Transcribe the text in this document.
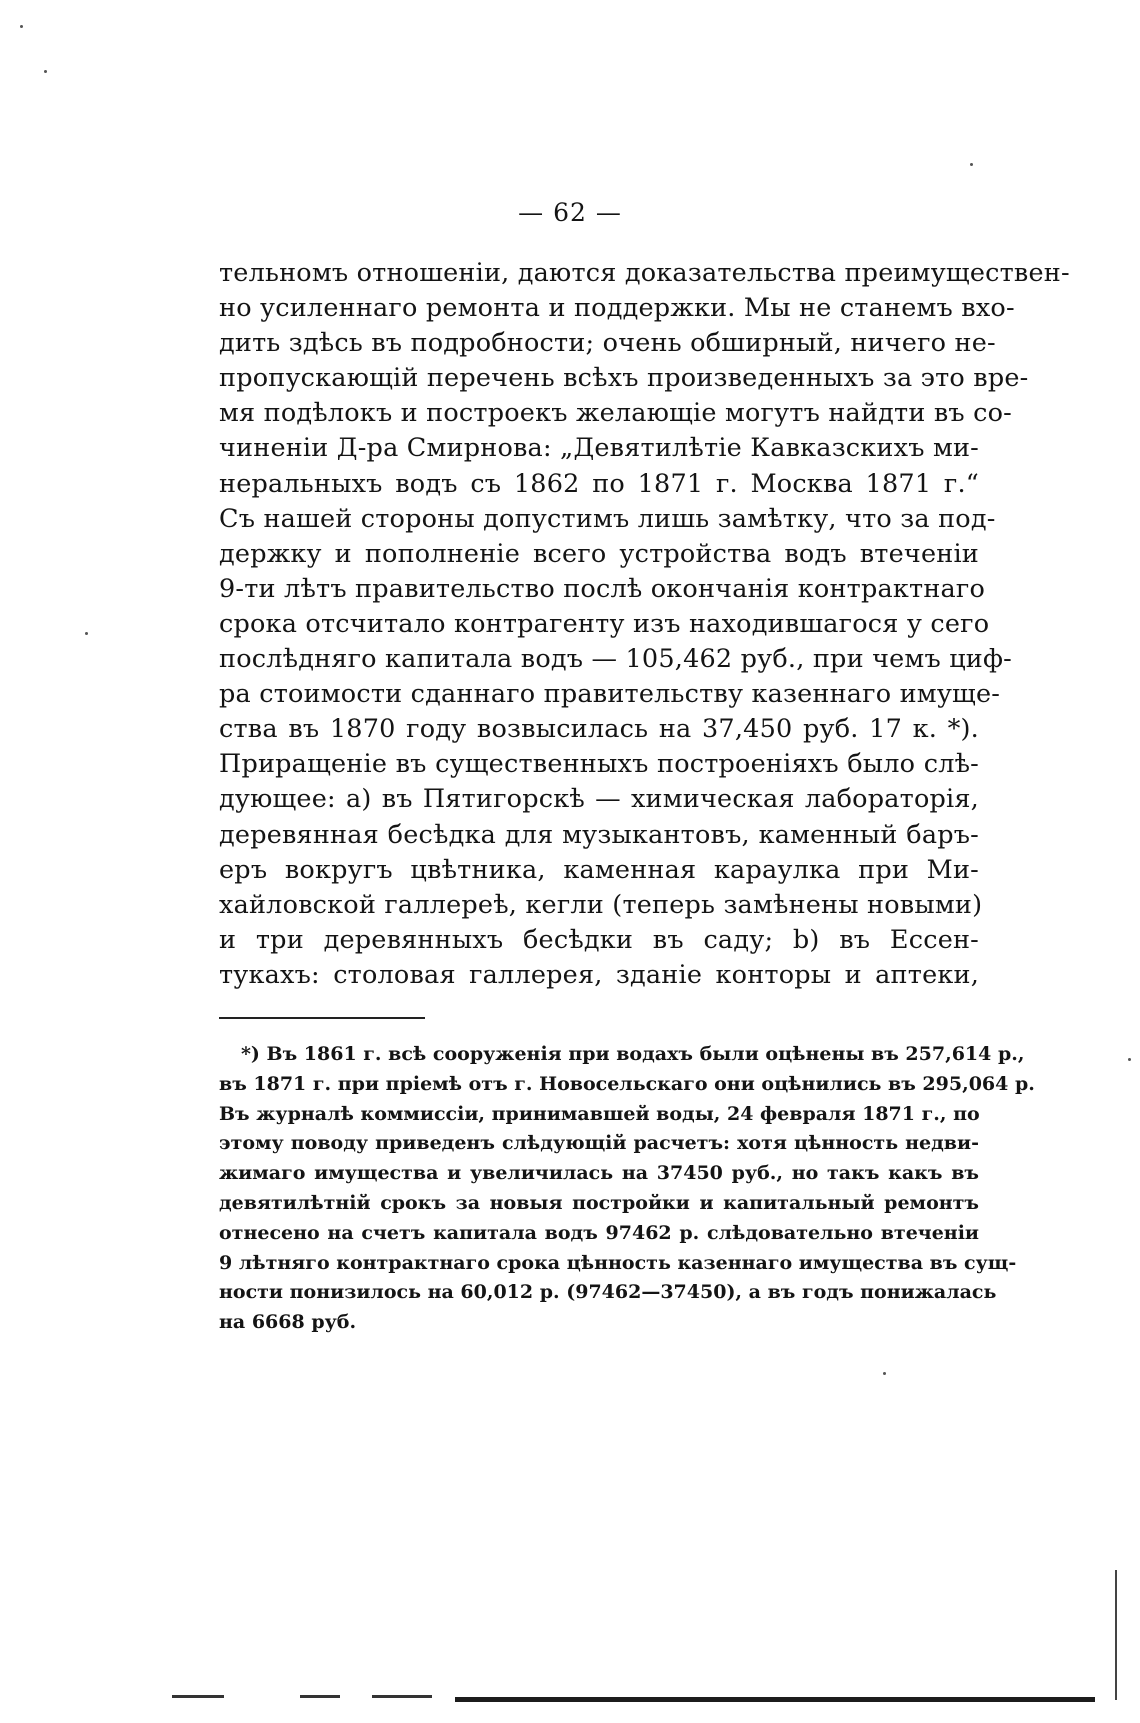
— 62 —
тельномъ отношеніи, даются доказательства преимуществен-
но усиленнаго ремонта и поддержки. Мы не станемъ вхо-
дить здѣсь въ подробности; очень обширный, ничего не-
пропускающій перечень всѣхъ произведенныхъ за это вре-
мя подѣлокъ и построекъ желающіе могутъ найдти въ со-
чиненіи Д-ра Смирнова: „Девятилѣтіе Кавказскихъ ми-
неральныхъ водъ съ 1862 по 1871 г. Москва 1871 г.“
Съ нашей стороны допустимъ лишь замѣтку, что за под-
держку и пополненіе всего устройства водъ втеченіи
9-ти лѣтъ правительство послѣ окончанія контрактнаго
срока отсчитало контрагенту изъ находившагося у сего
послѣдняго капитала водъ — 105,462 руб., при чемъ циф-
ра стоимости сданнаго правительству казеннаго имуще-
ства въ 1870 году возвысилась на 37,450 руб. 17 к. *).
Приращеніе въ существенныхъ построеніяхъ было слѣ-
дующее: а) въ Пятигорскѣ — химическая лабораторія,
деревянная бесѣдка для музыкантовъ, каменный баръ-
еръ вокругъ цвѣтника, каменная караулка при Ми-
хайловской галлереѣ, кегли (теперь замѣнены новыми)
и три деревянныхъ бесѣдки въ саду; b) въ Ессен-
тукахъ: столовая галлерея, зданіе конторы и аптеки,
*) Въ 1861 г. всѣ сооруженія при водахъ были оцѣнены въ 257,614 р.,
въ 1871 г. при пріемѣ отъ г. Новосельскаго они оцѣнились въ 295,064 р.
Въ журналѣ коммиссіи, принимавшей воды, 24 февраля 1871 г., по
этому поводу приведенъ слѣдующій расчетъ: хотя цѣнность недви-
жимаго имущества и увеличилась на 37450 руб., но такъ какъ въ
девятилѣтній срокъ за новыя постройки и капитальный ремонтъ
отнесено на счетъ капитала водъ 97462 р. слѣдовательно втеченіи
9 лѣтняго контрактнаго срока цѣнность казеннаго имущества въ сущ-
ности понизилось на 60,012 р. (97462—37450), а въ годъ понижалась
на 6668 руб.
